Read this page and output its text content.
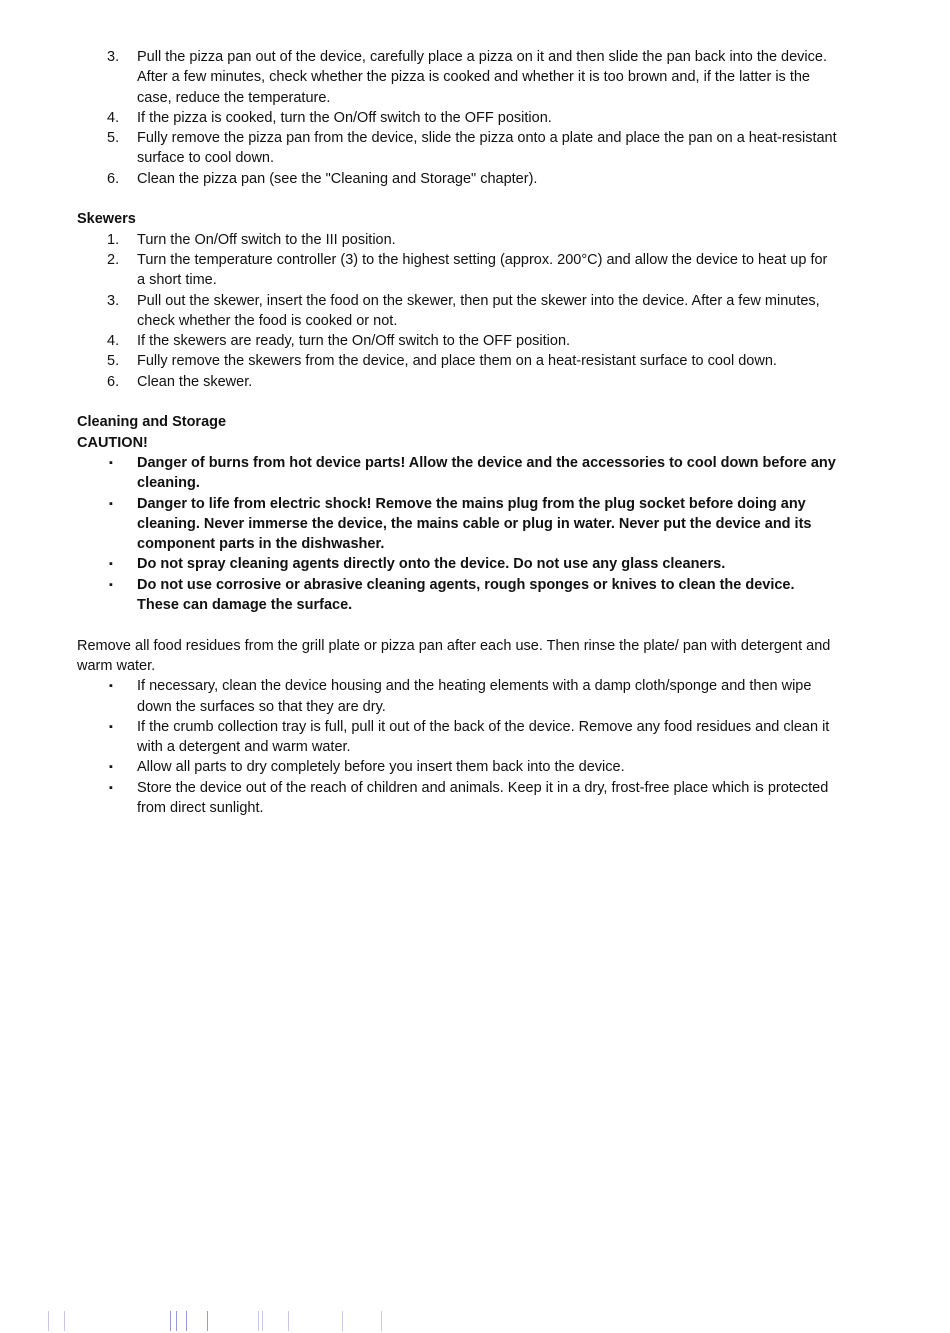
3. Pull the pizza pan out of the device, carefully place a pizza on it and then slide the pan back into the device. After a few minutes, check whether the pizza is cooked and whether it is too brown and, if the latter is the case, reduce the temperature.
4. If the pizza is cooked, turn the On/Off switch to the OFF position.
5. Fully remove the pizza pan from the device, slide the pizza onto a plate and place the pan on a heat-resistant surface to cool down.
6. Clean the pizza pan (see the "Cleaning and Storage" chapter).

Skewers

1. Turn the On/Off switch to the III position.
2. Turn the temperature controller (3) to the highest setting (approx. 200°C) and allow the device to heat up for a short time.
3. Pull out the skewer, insert the food on the skewer, then put the skewer into the device. After a few minutes, check whether the food is cooked or not.
4. If the skewers are ready, turn the On/Off switch to the OFF position.
5. Fully remove the skewers from the device, and place them on a heat-resistant surface to cool down.
6. Clean the skewer.

Cleaning and Storage

CAUTION!

▪ Danger of burns from hot device parts! Allow the device and the accessories to cool down before any cleaning.
▪ Danger to life from electric shock! Remove the mains plug from the plug socket before doing any cleaning. Never immerse the device, the mains cable or plug in water. Never put the device and its component parts in the dishwasher.
▪ Do not spray cleaning agents directly onto the device. Do not use any glass cleaners.
▪ Do not use corrosive or abrasive cleaning agents, rough sponges or knives to clean the device. These can damage the surface.

Remove all food residues from the grill plate or pizza pan after each use. Then rinse the plate/ pan with detergent and warm water.

▪ If necessary, clean the device housing and the heating elements with a damp cloth/sponge and then wipe down the surfaces so that they are dry.
▪ If the crumb collection tray is full, pull it out of the back of the device. Remove any food residues and clean it with a detergent and warm water.
▪ Allow all parts to dry completely before you insert them back into the device.
▪ Store the device out of the reach of children and animals. Keep it in a dry, frost-free place which is protected from direct sunlight.
